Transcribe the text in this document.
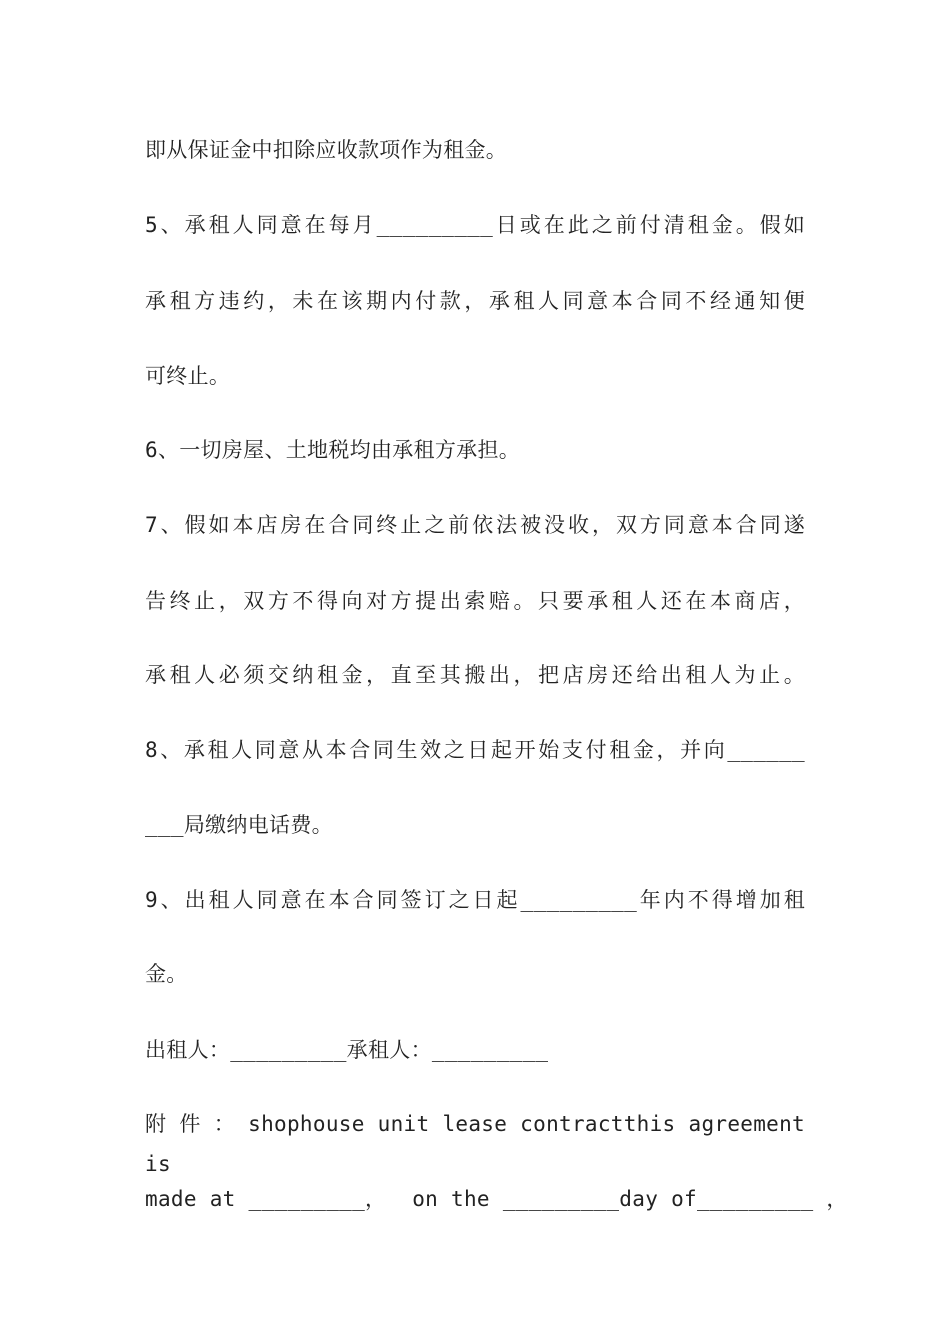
即从保证金中扣除应收款项作为租金。
5、承租人同意在每月_________日或在此之前付清租金。假如
承租方违约，未在该期内付款，承租人同意本合同不经通知便
可终止。
6、一切房屋、土地税均由承租方承担。
7、假如本店房在合同终止之前依法被没收，双方同意本合同遂
告终止，双方不得向对方提出索赔。只要承租人还在本商店，
承租人必须交纳租金，直至其搬出，把店房还给出租人为止。
8、承租人同意从本合同生效之日起开始支付租金，并向______
___局缴纳电话费。
9、出租人同意在本合同签订之日起_________年内不得增加租
金。
出租人：_________承租人：_________
附 件 ： shophouse unit lease contractthis agreement is
made at _________，  on the _________day of_________ ，
